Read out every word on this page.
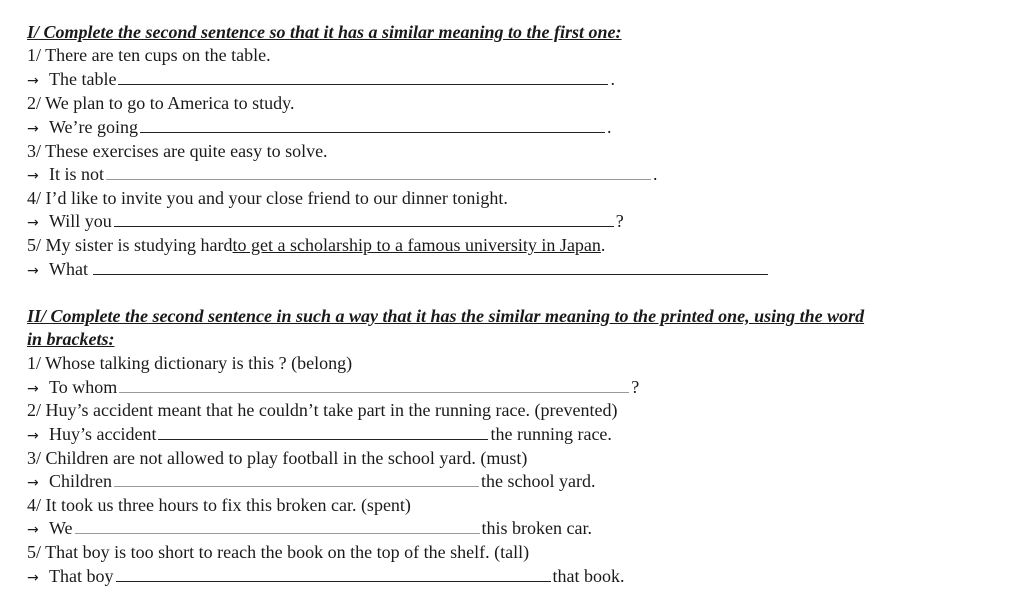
I/ Complete the second sentence so that it has a similar meaning to the first one:
1/ There are ten cups on the table.
→ The table	.
2/ We plan to go to America to study.
→ We’re going	.
3/ These exercises are quite easy to solve.
→ It is not	.
4/ I’d like to invite you and your close friend to our dinner tonight.
→ Will you	?
5/ My sister is studying hard to get a scholarship to a famous university in Japan .
→ What
II/ Complete the second sentence in such a way that it has the similar meaning to the printed one, using the word
in brackets:
1/ Whose talking dictionary is this ? (belong)
→ To whom	?
2/ Huy’s accident meant that he couldn’t take part in the running race. (prevented)
→ Huy’s accident	the running race.
3/ Children are not allowed to play football in the school yard. (must)
→ Children	the school yard.
4/ It took us three hours to fix this broken car. (spent)
→ We	this broken car.
5/ That boy is too short to reach the book on the top of the shelf. (tall)
→ That boy	that book.
